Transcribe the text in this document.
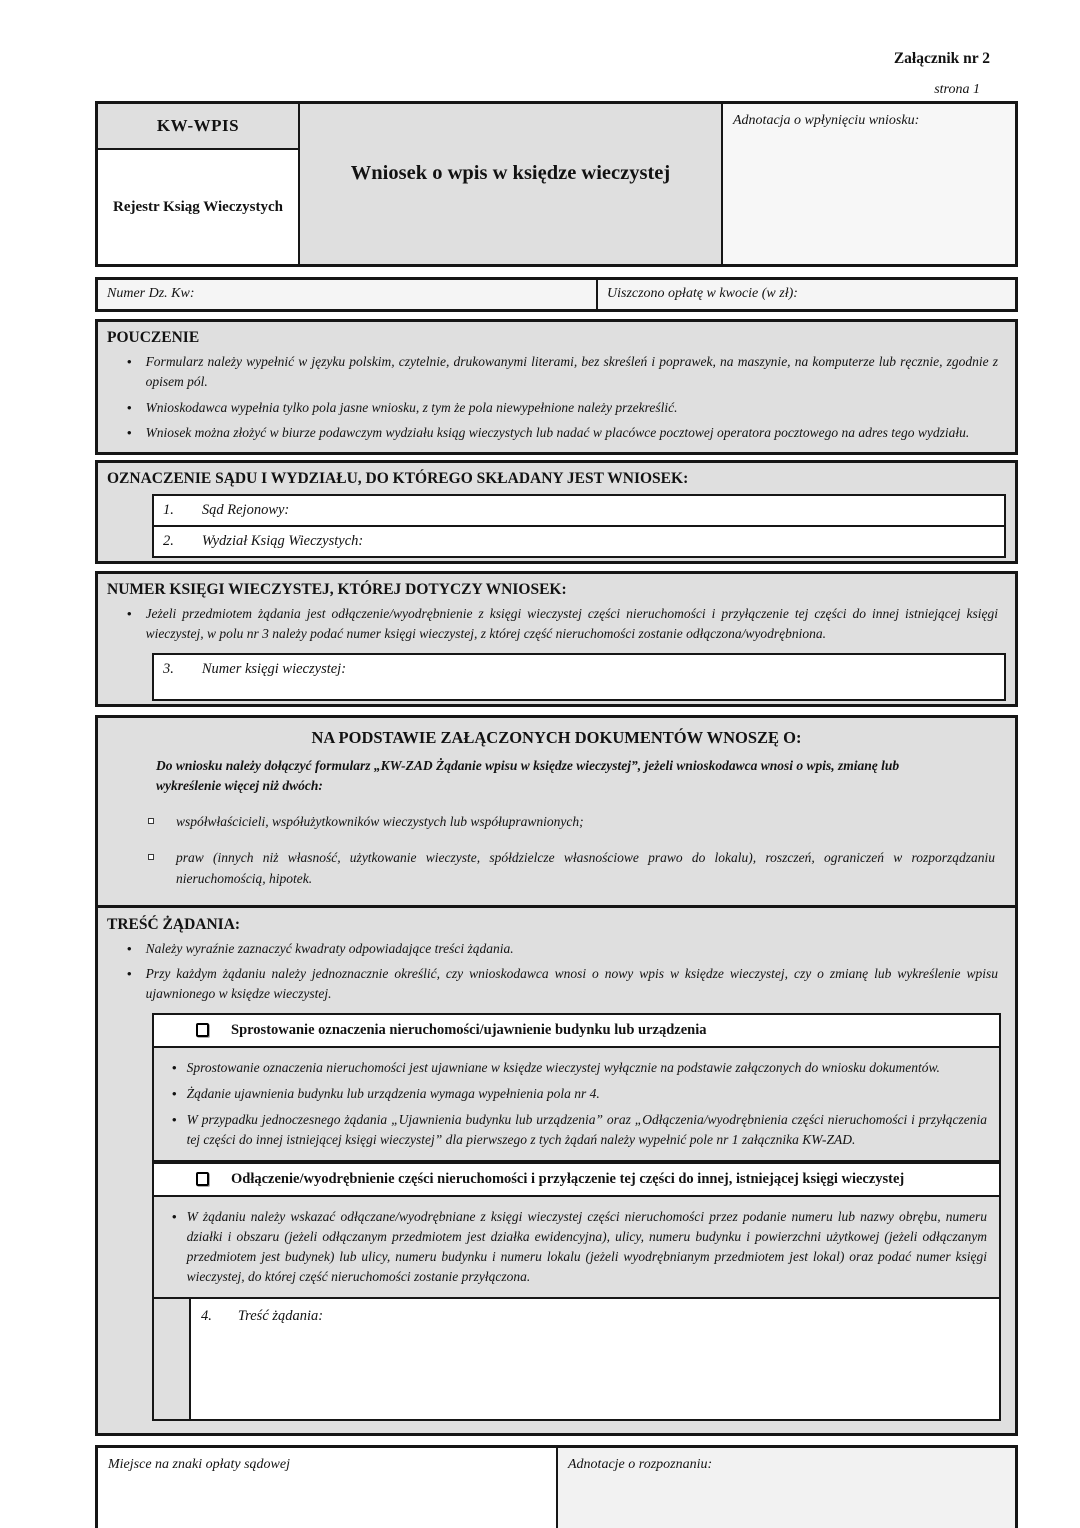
Załącznik nr 2
strona 1
KW-WPIS
Rejestr Ksiąg Wieczystych
Wniosek o wpis w księdze wieczystej
Adnotacja o wpłynięciu wniosku:
Numer Dz. Kw:	Uiszczono opłatę w kwocie (w zł):
POUCZENIE
• Formularz należy wypełnić w języku polskim, czytelnie, drukowanymi literami, bez skreśleń i poprawek, na maszynie, na komputerze lub ręcznie, zgodnie z opisem pól.

• Wnioskodawca wypełnia tylko pola jasne wniosku, z tym że pola niewypełnione należy przekreślić.

• Wniosek można złożyć w biurze podawczym wydziału ksiąg wieczystych lub nadać w placówce pocztowej operatora pocztowego na adres tego wydziału.

OZNACZENIE SĄDU I WYDZIAŁU, DO KTÓREGO SKŁADANY JEST WNIOSEK:
1. Sąd Rejonowy:
2. Wydział Ksiąg Wieczystych:
NUMER KSIĘGI WIECZYSTEJ, KTÓREJ DOTYCZY WNIOSEK:
• Jeżeli przedmiotem żądania jest odłączenie/wyodrębnienie z księgi wieczystej części nieruchomości i przyłączenie tej części do innej istniejącej księgi wieczystej, w polu nr 3 należy podać numer księgi wieczystej, z której część nieruchomości zostanie odłączona/wyodrębniona.

3. Numer księgi wieczystej:
NA PODSTAWIE ZAŁĄCZONYCH DOKUMENTÓW WNOSZĘ O:

Do wniosku należy dołączyć formularz „KW-ZAD Żądanie wpisu w księdze wieczystej”, jeżeli wnioskodawca wnosi o wpis, zmianę lub wykreślenie więcej niż dwóch:

współwłaścicieli, współużytkowników wieczystych lub współuprawnionych;

praw (innych niż własność, użytkowanie wieczyste, spółdzielcze własnościowe prawo do lokalu), roszczeń, ograniczeń w rozporządzaniu nieruchomością, hipotek.

TREŚĆ ŻĄDANIA:
• Należy wyraźnie zaznaczyć kwadraty odpowiadające treści żądania.

• Przy każdym żądaniu należy jednoznacznie określić, czy wnioskodawca wnosi o nowy wpis w księdze wieczystej, czy o zmianę lub wykreślenie wpisu ujawnionego w księdze wieczystej.

Sprostowanie oznaczenia nieruchomości/ujawnienie budynku lub urządzenia
• Sprostowanie oznaczenia nieruchomości jest ujawniane w księdze wieczystej wyłącznie na podstawie załączonych do wniosku dokumentów.

• Żądanie ujawnienia budynku lub urządzenia wymaga wypełnienia pola nr 4.

• W przypadku jednoczesnego żądania „Ujawnienia budynku lub urządzenia” oraz „Odłączenia/wyodrębnienia części nieruchomości i przyłączenia tej części do innej istniejącej księgi wieczystej” dla pierwszego z tych żądań należy wypełnić pole nr 1 załącznika KW-ZAD.

Odłączenie/wyodrębnienie części nieruchomości i przyłączenie tej części do innej, istniejącej księgi wieczystej
• W żądaniu należy wskazać odłączane/wyodrębniane z księgi wieczystej części nieruchomości przez podanie numeru lub nazwy obrębu, numeru działki i obszaru (jeżeli odłączanym przedmiotem jest działka ewidencyjna), ulicy, numeru budynku i powierzchni użytkowej (jeżeli odłączanym przedmiotem jest budynek) lub ulicy, numeru budynku i numeru lokalu (jeżeli wyodrębnianym przedmiotem jest lokal) oraz podać numer księgi wieczystej, do której część nieruchomości zostanie przyłączona.

4. Treść żądania:
Miejsce na znaki opłaty sądowej	Adnotacje o rozpoznaniu:
